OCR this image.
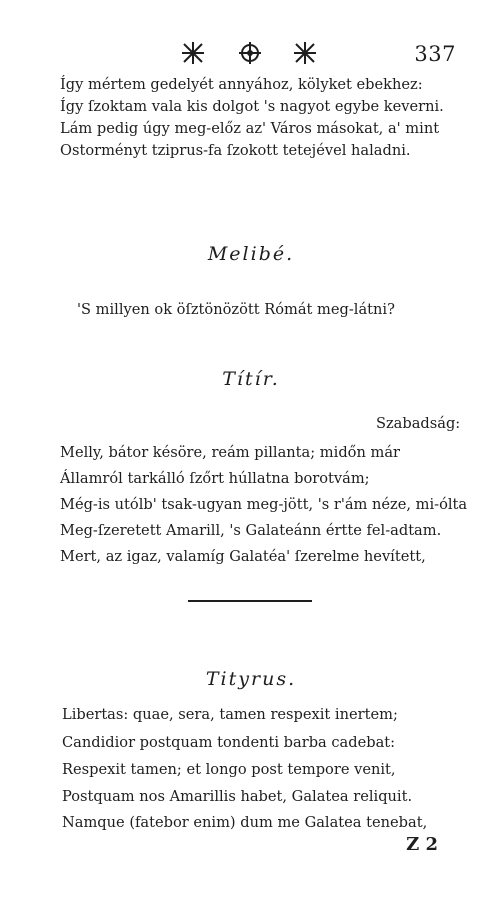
337
Így mértem gedelyét annyához, kölyket ebekhez:
Így ſzoktam vala kis dolgot 's nagyot egybe keverni.
Lám pedig úgy meg-előz az' Város másokat, a' mint
Ostorményt tziprus-fa ſzokott tetejével haladni.
Melibé.
'S millyen ok öſztönözött Rómát meg-látni?
Títír.
Szabadság:
Melly, bátor késöre, reám pillanta; midőn már
Államról tarkálló ſzőrt húllatna borotvám;
Még-is utólb' tsak-ugyan meg-jött, 's r'ám néze, mi-ólta
Meg-ſzeretett Amarill, 's Galateánn értte fel-adtam.
Mert, az igaz, valamíg Galatéa' ſzerelme hevített,
Tityrus.
Libertas: quae, sera, tamen respexit inertem;
Candidior postquam tondenti barba cadebat:
Respexit tamen; et longo post tempore venit,
Postquam nos Amarillis habet, Galatea reliquit.
Namque (fatebor enim) dum me Galatea tenebat,
Z 2
